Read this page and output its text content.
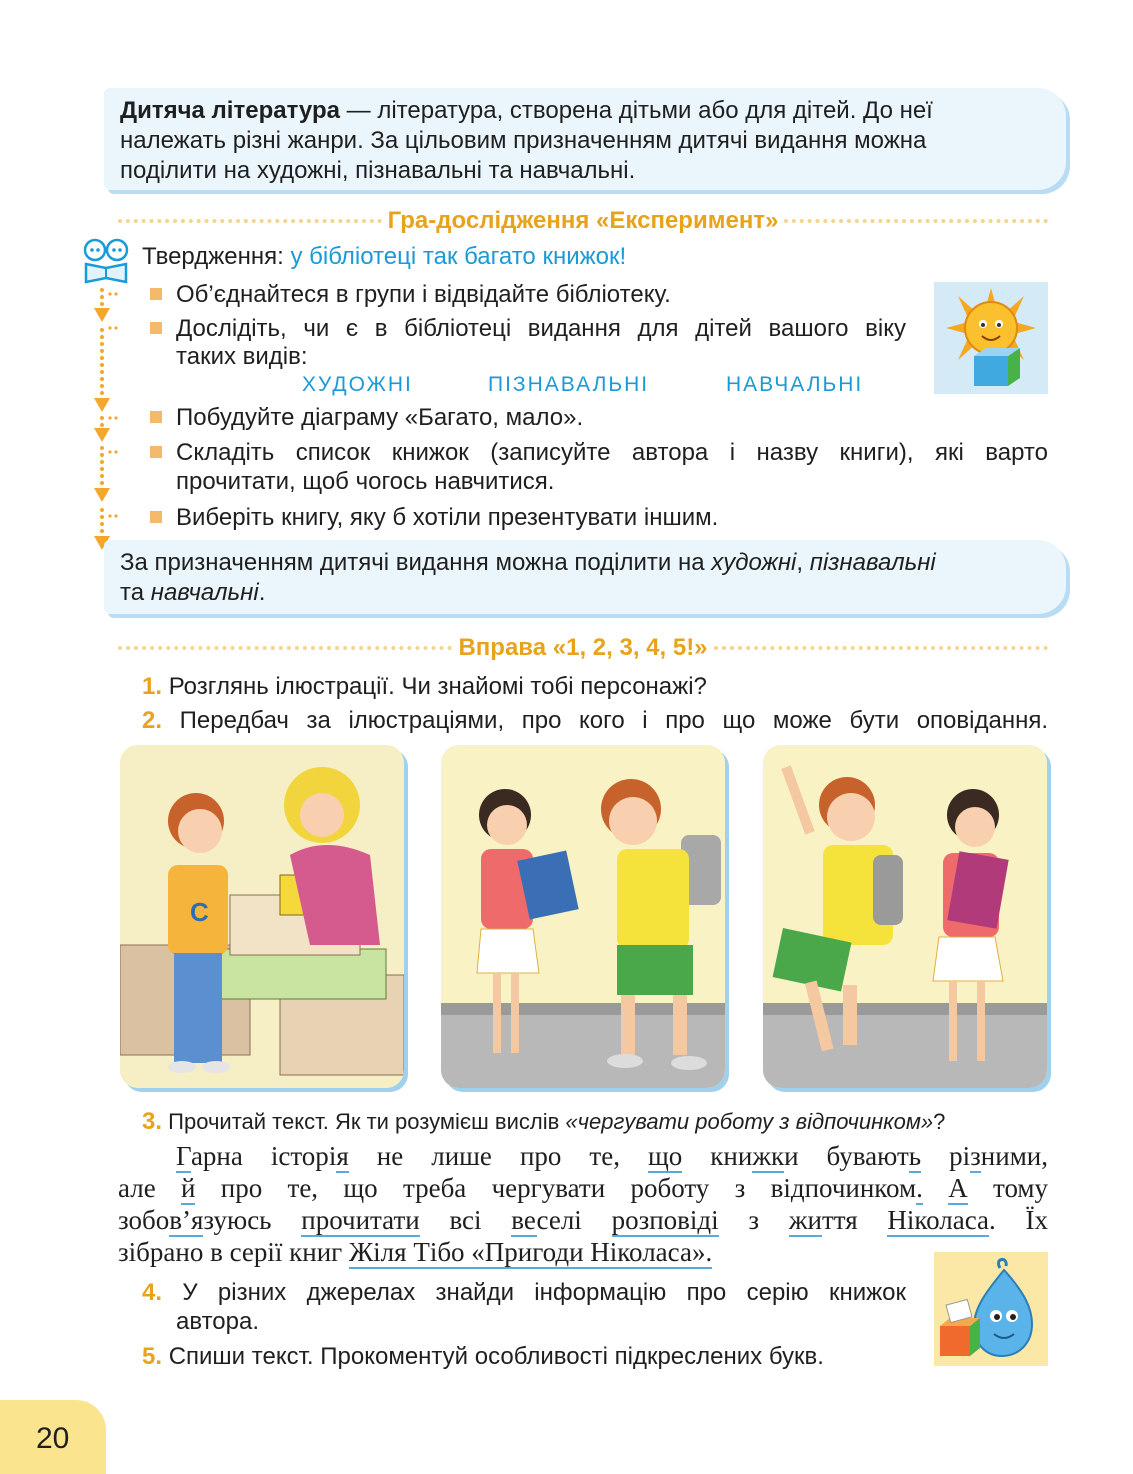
Дитяча література — література, створена дітьми або для дітей. До неї
належать різні жанри. За цільовим призначенням дитячі видання можна
поділити на художні, пізнавальні та навчальні.
Гра-дослідження «Експеримент»
Твердження: у бібліотеці так багато книжок!
Об’єднайтеся в групи і відвідайте бібліотеку.
Дослідіть, чи є в бібліотеці видання для дітей вашого віку
таких видів:
ХУДОЖНІ	ПІЗНАВАЛЬНІ	НАВЧАЛЬНІ
Побудуйте діаграму «Багато, мало».
Складіть список книжок (записуйте автора і назву книги), які варто
прочитати, щоб чогось навчитися.
Виберіть книгу, яку б хотіли презентувати іншим.
За призначенням дитячі видання можна поділити на художні, пізнавальні
та навчальні.
Вправа «1, 2, 3, 4, 5!»
1. Розглянь ілюстрації. Чи знайомі тобі персонажі?
2. Передбач за ілюстраціями, про кого і про що може бути оповідання.
С
3. Прочитай текст. Як ти розумієш вислів «чергувати роботу з відпочинком»?
Гарна історія не лише про те, що книжки бувають різними,
але й про те, що треба чергувати роботу з відпочинком. А тому
зобов’язуюсь прочитати всі веселі розповіді з життя Ніколаса. Їх
зібрано в серії книг Жіля Тібо «Пригоди Ніколаса».
4. У різних джерелах знайди інформацію про серію книжок
автора.
5. Спиши текст. Прокоментуй особливості підкреслених букв.
20
